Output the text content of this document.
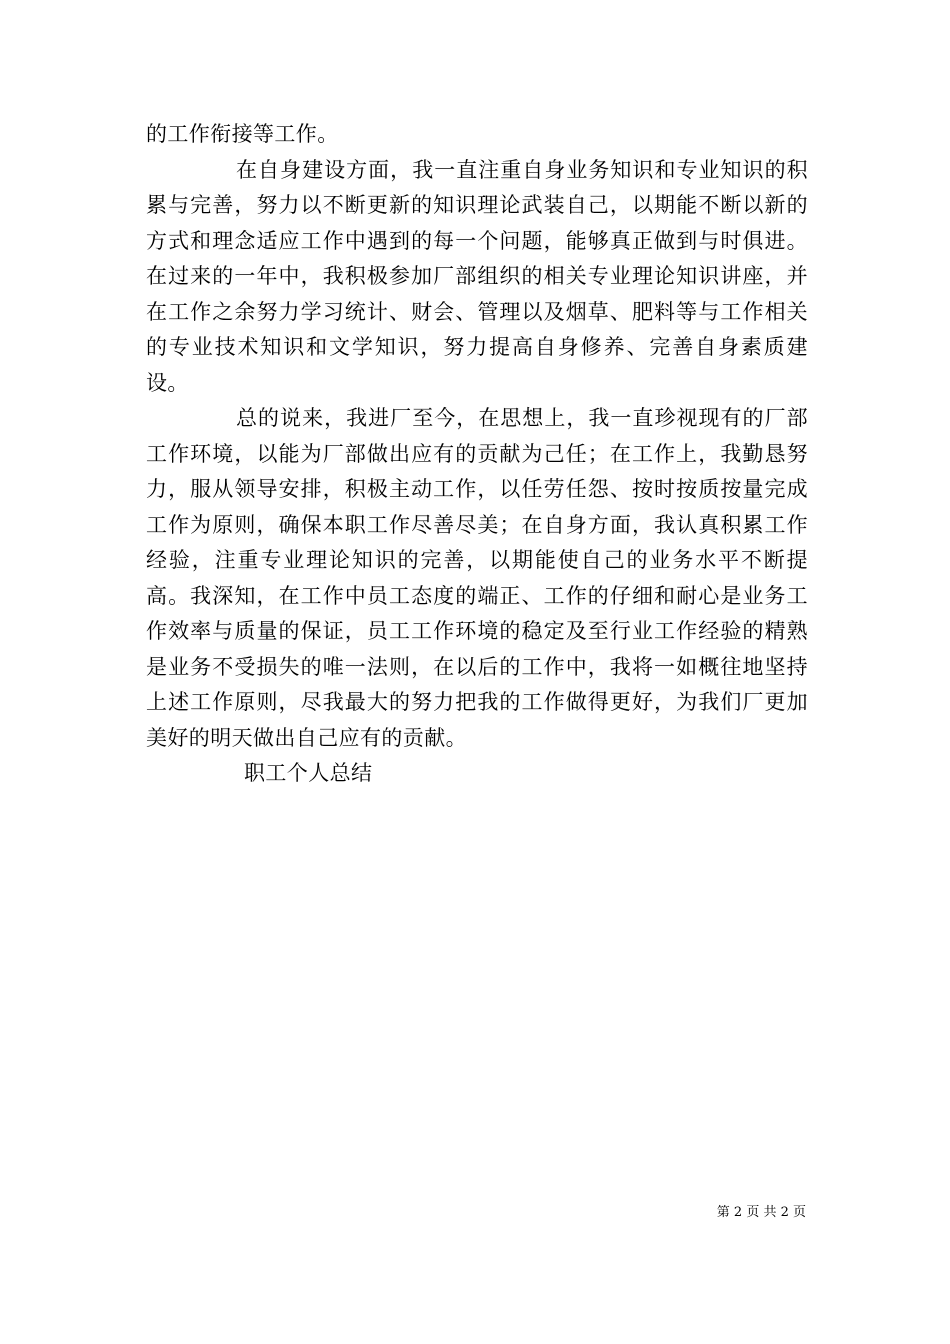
的工作衔接等工作。

在自身建设方面，我一直注重自身业务知识和专业知识的积累与完善，努力以不断更新的知识理论武装自己，以期能不断以新的方式和理念适应工作中遇到的每一个问题，能够真正做到与时俱进。在过来的一年中，我积极参加厂部组织的相关专业理论知识讲座，并在工作之余努力学习统计、财会、管理以及烟草、肥料等与工作相关的专业技术知识和文学知识，努力提高自身修养、完善自身素质建设。

总的说来，我进厂至今，在思想上，我一直珍视现有的厂部工作环境，以能为厂部做出应有的贡献为己任；在工作上，我勤恳努力，服从领导安排，积极主动工作，以任劳任怨、按时按质按量完成工作为原则，确保本职工作尽善尽美；在自身方面，我认真积累工作经验，注重专业理论知识的完善，以期能使自己的业务水平不断提高。我深知，在工作中员工态度的端正、工作的仔细和耐心是业务工作效率与质量的保证，员工工作环境的稳定及至行业工作经验的精熟是业务不受损失的唯一法则，在以后的工作中，我将一如概往地坚持上述工作原则，尽我最大的努力把我的工作做得更好，为我们厂更加美好的明天做出自己应有的贡献。

职工个人总结

第 2 页 共 2 页
